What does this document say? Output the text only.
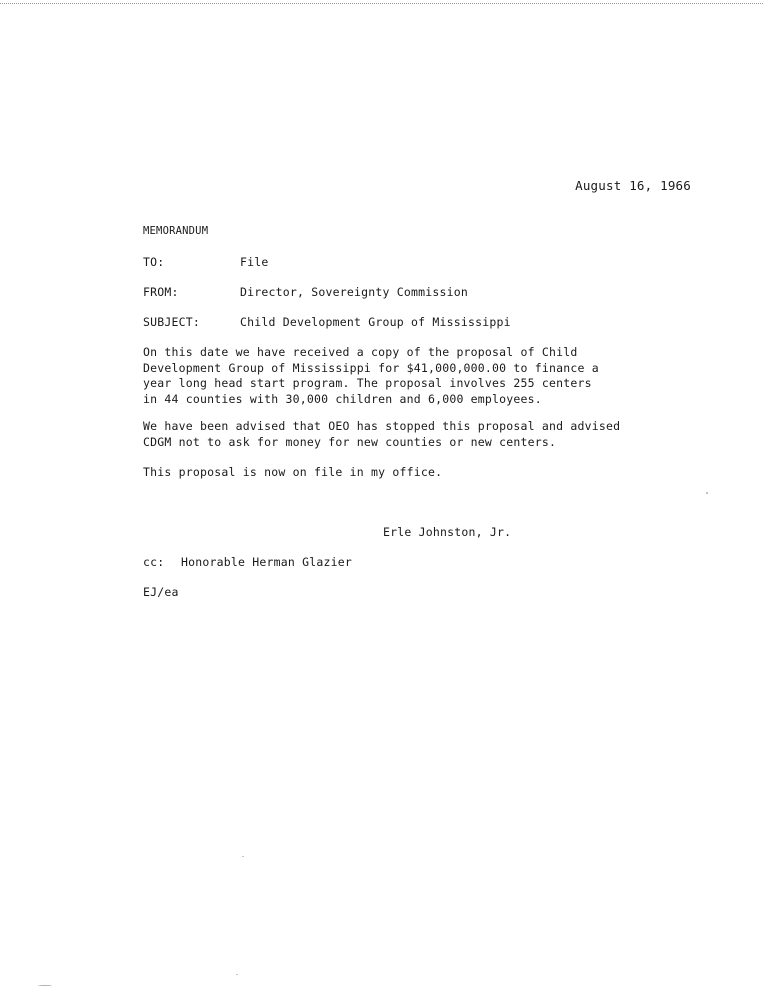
August 16, 1966
MEMORANDUM
TO:	File
FROM:	Director, Sovereignty Commission
SUBJECT:	Child Development Group of Mississippi

On this date we have received a copy of the proposal of Child
Development Group of Mississippi for $41,000,000.00 to finance a
year long head start program. The proposal involves 255 centers
in 44 counties with 30,000 children and 6,000 employees.

We have been advised that OEO has stopped this proposal and advised
CDGM not to ask for money for new counties or new centers.

This proposal is now on file in my office.

Erle Johnston, Jr.
cc: Honorable Herman Glazier
EJ/ea
